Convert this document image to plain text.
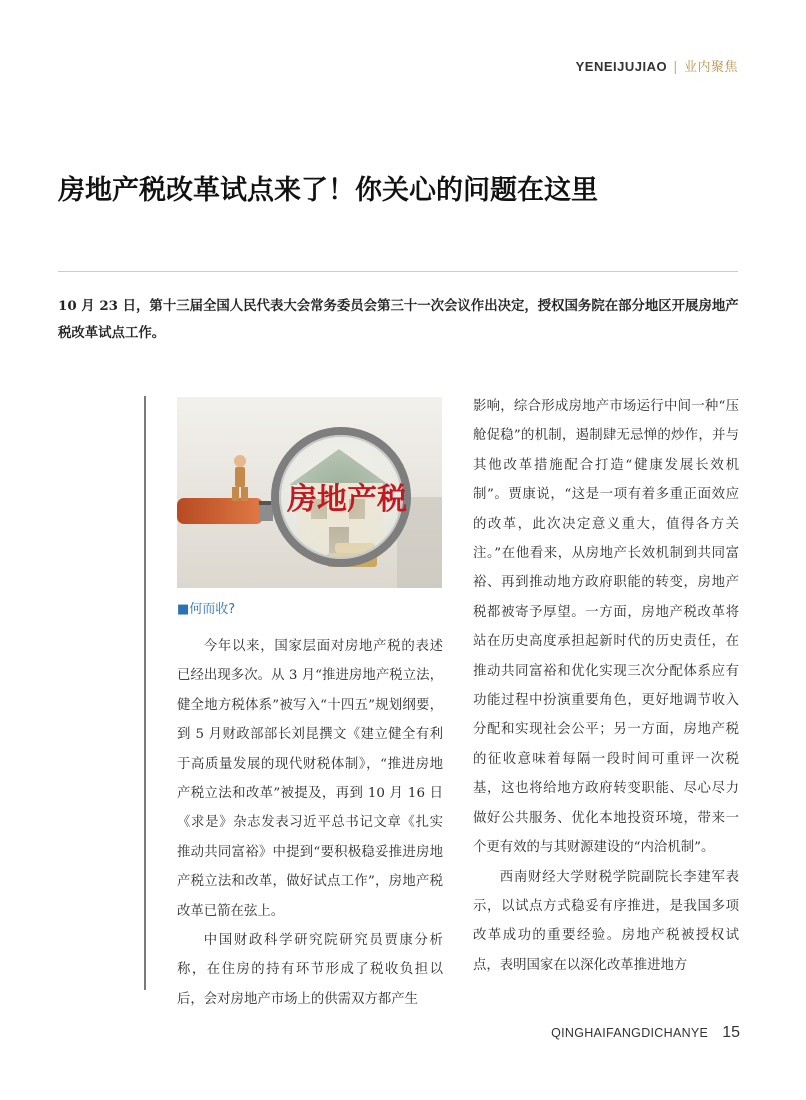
YENEIJUJIAO | 业内聚焦
房地产税改革试点来了！你关心的问题在这里

10 月 23 日，第十三届全国人民代表大会常务委员会第三十一次会议作出决定，授权国务院在部分地区开展房地产税改革试点工作。

房地产税
■何而收?

今年以来，国家层面对房地产税的表述已经出现多次。从 3 月“推进房地产税立法，健全地方税体系”被写入“十四五”规划纲要，到 5 月财政部部长刘昆撰文《建立健全有利于高质量发展的现代财税体制》，“推进房地产税立法和改革”被提及，再到 10 月 16 日《求是》杂志发表习近平总书记文章《扎实推动共同富裕》中提到“要积极稳妥推进房地产税立法和改革，做好试点工作”，房地产税改革已箭在弦上。

中国财政科学研究院研究员贾康分析称，在住房的持有环节形成了税收负担以后，会对房地产市场上的供需双方都产生

影响，综合形成房地产市场运行中间一种“压舱促稳”的机制，遏制肆无忌惮的炒作，并与其他改革措施配合打造“健康发展长效机制”。贾康说，“这是一项有着多重正面效应的改革，此次决定意义重大，值得各方关注。”在他看来，从房地产长效机制到共同富裕、再到推动地方政府职能的转变，房地产税都被寄予厚望。一方面，房地产税改革将站在历史高度承担起新时代的历史责任，在推动共同富裕和优化实现三次分配体系应有功能过程中扮演重要角色，更好地调节收入分配和实现社会公平；另一方面，房地产税的征收意味着每隔一段时间可重评一次税基，这也将给地方政府转变职能、尽心尽力做好公共服务、优化本地投资环境，带来一个更有效的与其财源建设的“内洽机制”。

西南财经大学财税学院副院长李建军表示，以试点方式稳妥有序推进，是我国多项改革成功的重要经验。房地产税被授权试点，表明国家在以深化改革推进地方

QINGHAIFANGDICHANYE 15
